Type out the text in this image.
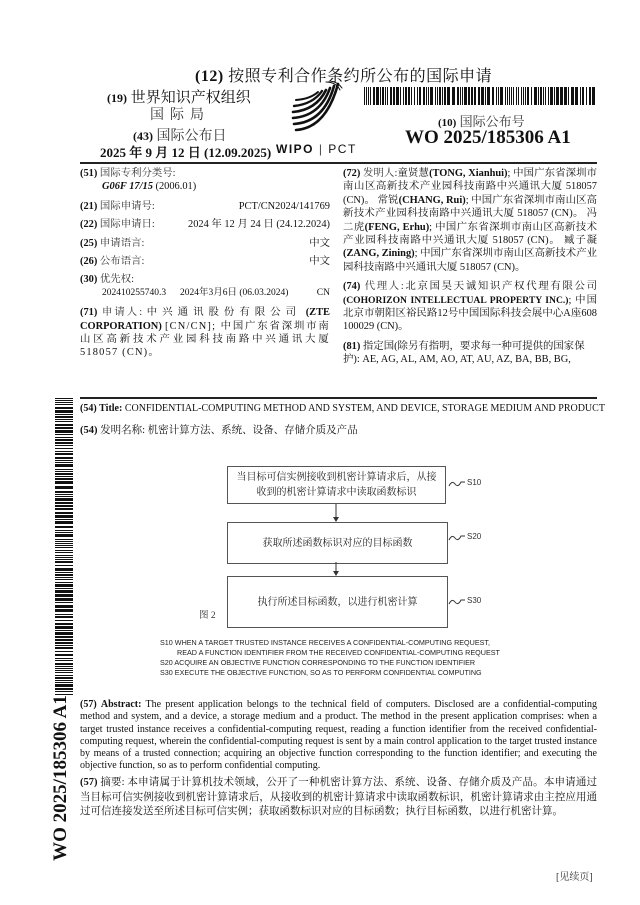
(12) 按照专利合作条约所公布的国际申请
(19) 世界知识产权组织
国际局
(43) 国际公布日
2025 年 9 月 12 日 (12.09.2025) WIPO | PCT
(10) 国际公布号
WO 2025/185306 A1
(51) 国际专利分类号:
G06F 17/15 (2006.01)
(21) 国际申请号:	PCT/CN2024/141769
(22) 国际申请日:	2024 年 12 月 24 日 (24.12.2024)
(25) 申请语言:	中文
(26) 公布语言:	中文
(30) 优先权:
202410255740.3 2024年3月6日 (06.03.2024)	CN
(71) 申请人: 中兴通讯股份有限公司 (ZTE CORPORATION) [CN/CN]; 中国广东省深圳市南山区高新技术产业园科技南路中兴通讯大厦 518057 (CN)。
(72) 发明人:童贤慧(TONG, Xianhui); 中国广东省深圳市南山区高新技术产业园科技南路中兴通讯大厦 518057 (CN)。 常锐(CHANG, Rui); 中国广东省深圳市南山区高新技术产业园科技南路中兴通讯大厦 518057 (CN)。 冯二虎(FENG, Erhu); 中国广东省深圳市南山区高新技术产业园科技南路中兴通讯大厦 518057 (CN)。 臧子凝(ZANG, Zining); 中国广东省深圳市南山区高新技术产业园科技南路中兴通讯大厦 518057 (CN)。
(74) 代理人:北京国昊天诚知识产权代理有限公司 (COHORIZON INTELLECTUAL PROPERTY INC.); 中国北京市朝阳区裕民路12号中国国际科技会展中心A座608 100029 (CN)。
(81) 指定国(除另有指明，要求每一种可提供的国家保护): AE, AG, AL, AM, AO, AT, AU, AZ, BA, BB, BG,
WO 2025/185306 A1
(54) Title: CONFIDENTIAL-COMPUTING METHOD AND SYSTEM, AND DEVICE, STORAGE MEDIUM AND PRODUCT
(54) 发明名称: 机密计算方法、系统、设备、存储介质及产品
当目标可信实例接收到机密计算请求后，从接收到的机密计算请求中读取函数标识
获取所述函数标识对应的目标函数
执行所述目标函数，以进行机密计算
S10
S20
S30
图 2
S10 WHEN A TARGET TRUSTED INSTANCE RECEIVES A CONFIDENTIAL-COMPUTING REQUEST,
READ A FUNCTION IDENTIFIER FROM THE RECEIVED CONFIDENTIAL-COMPUTING REQUEST
S20 ACQUIRE AN OBJECTIVE FUNCTION CORRESPONDING TO THE FUNCTION IDENTIFIER
S30 EXECUTE THE OBJECTIVE FUNCTION, SO AS TO PERFORM CONFIDENTIAL COMPUTING
(57) Abstract: The present application belongs to the technical field of computers. Disclosed are a confidential-computing method and system, and a device, a storage medium and a product. The method in the present application comprises: when a target trusted instance receives a confidential-computing request, reading a function identifier from the received confidential-computing request, wherein the confidential-computing request is sent by a main control application to the target trusted instance by means of a trusted connection; acquiring an objective function corresponding to the function identifier; and executing the objective function, so as to perform confidential computing.
(57) 摘要: 本申请属于计算机技术领域，公开了一种机密计算方法、系统、设备、存储介质及产品。本申请通过当目标可信实例接收到机密计算请求后，从接收到的机密计算请求中读取函数标识，机密计算请求由主控应用通过可信连接发送至所述目标可信实例；获取函数标识对应的目标函数；执行目标函数，以进行机密计算。
[见续页]
